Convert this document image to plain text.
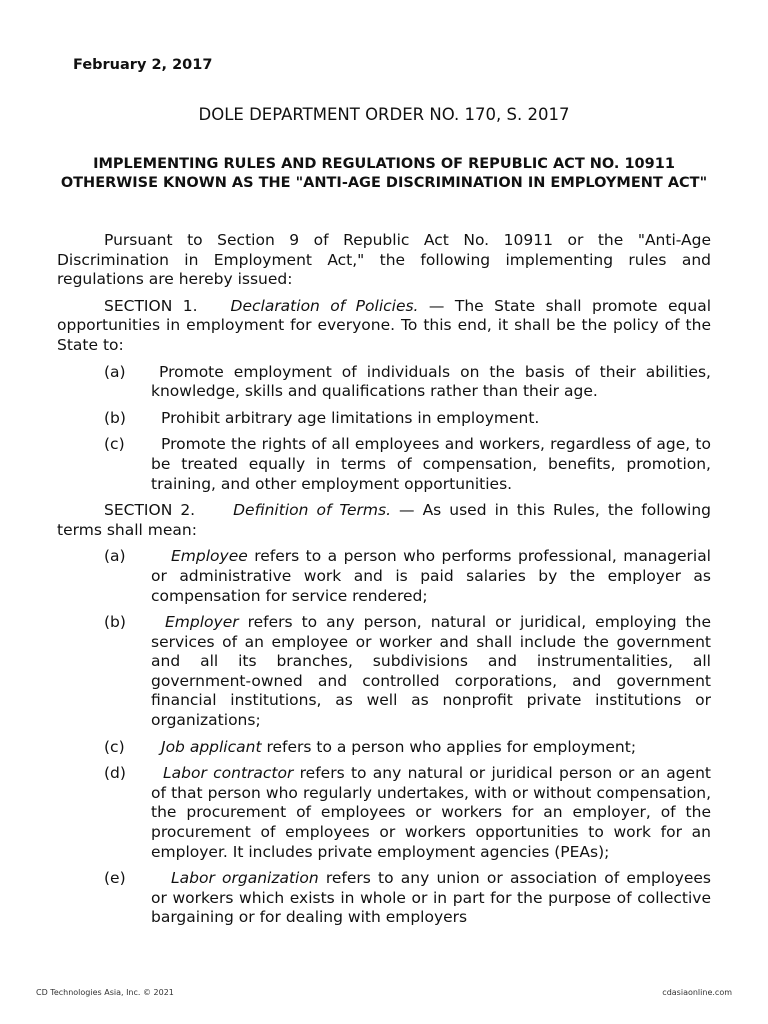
February 2, 2017
DOLE DEPARTMENT ORDER NO. 170, S. 2017
IMPLEMENTING RULES AND REGULATIONS OF REPUBLIC ACT NO. 10911 OTHERWISE KNOWN AS THE "ANTI-AGE DISCRIMINATION IN EMPLOYMENT ACT"

Pursuant to Section 9 of Republic Act No. 10911 or the "Anti-Age Discrimination in Employment Act," the following implementing rules and regulations are hereby issued:

SECTION 1. Declaration of Policies. — The State shall promote equal opportunities in employment for everyone. To this end, it shall be the policy of the State to:

(a)	Promote employment of individuals on the basis of their abilities, knowledge, skills and qualifications rather than their age.
(b)	Prohibit arbitrary age limitations in employment.
(c)	Promote the rights of all employees and workers, regardless of age, to be treated equally in terms of compensation, benefits, promotion, training, and other employment opportunities.

SECTION 2. Definition of Terms. — As used in this Rules, the following terms shall mean:

(a)	Employee refers to a person who performs professional, managerial or administrative work and is paid salaries by the employer as compensation for service rendered;
(b)	Employer refers to any person, natural or juridical, employing the services of an employee or worker and shall include the government and all its branches, subdivisions and instrumentalities, all government-owned and controlled corporations, and government financial institutions, as well as nonprofit private institutions or organizations;
(c)	Job applicant refers to a person who applies for employment;
(d)	Labor contractor refers to any natural or juridical person or an agent of that person who regularly undertakes, with or without compensation, the procurement of employees or workers for an employer, of the procurement of employees or workers opportunities to work for an employer. It includes private employment agencies (PEAs);
(e)	Labor organization refers to any union or association of employees or workers which exists in whole or in part for the purpose of collective bargaining or for dealing with employers
CD Technologies Asia, Inc. © 2021	cdasiaonline.com
